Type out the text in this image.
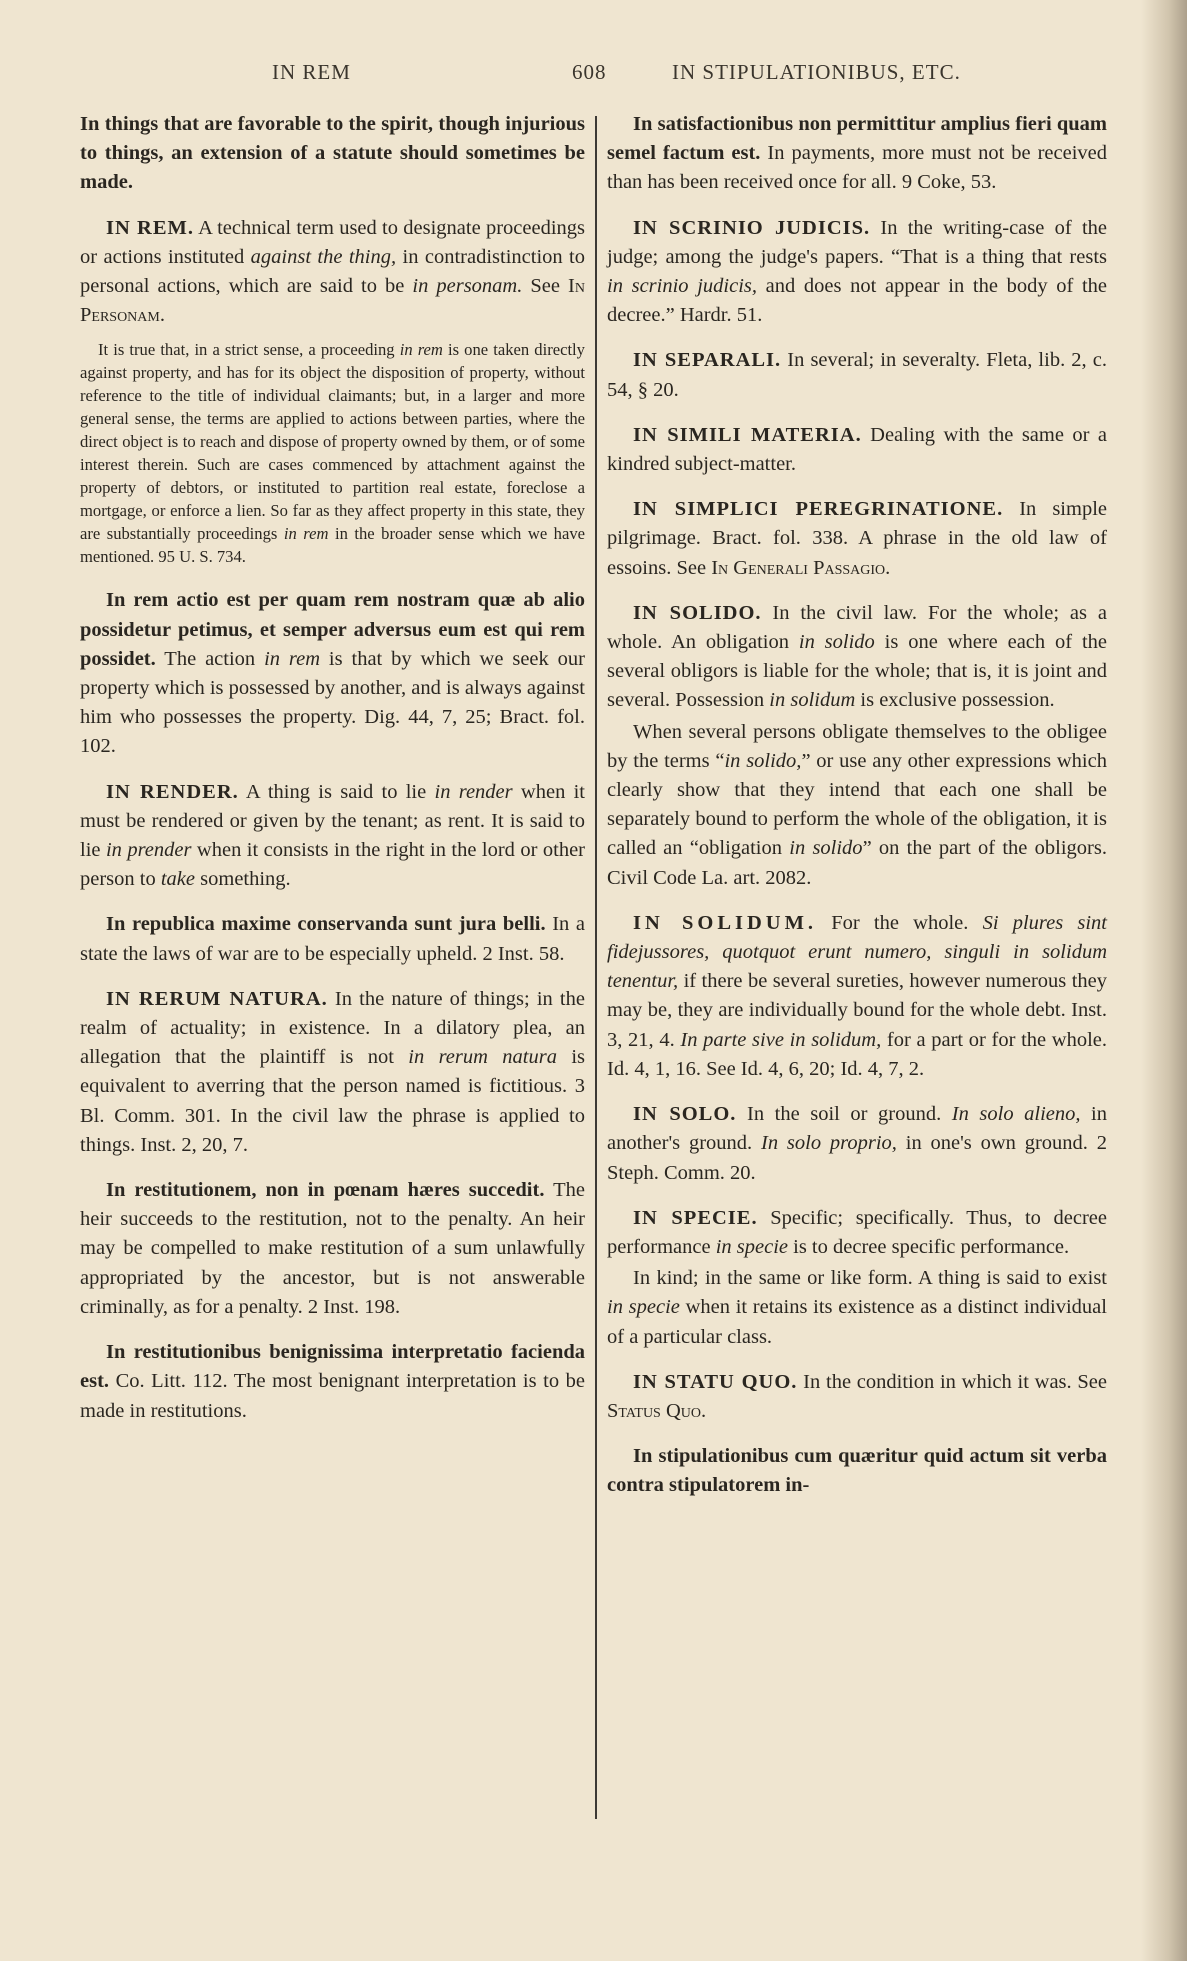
IN REM	608	IN STIPULATIONIBUS, ETC.

In things that are favorable to the spirit, though injurious to things, an extension of a statute should sometimes be made.

IN REM. A technical term used to designate proceedings or actions instituted against the thing, in contradistinction to personal actions, which are said to be in personam. See In Personam.

It is true that, in a strict sense, a proceeding in rem is one taken directly against property, and has for its object the disposition of property, without reference to the title of individual claimants; but, in a larger and more general sense, the terms are applied to actions between parties, where the direct object is to reach and dispose of property owned by them, or of some interest therein. Such are cases commenced by attachment against the property of debtors, or instituted to partition real estate, foreclose a mortgage, or enforce a lien. So far as they affect property in this state, they are substantially proceedings in rem in the broader sense which we have mentioned. 95 U. S. 734.

In rem actio est per quam rem nostram quæ ab alio possidetur petimus, et semper adversus eum est qui rem possidet. The action in rem is that by which we seek our property which is possessed by another, and is always against him who possesses the property. Dig. 44, 7, 25; Bract. fol. 102.

IN RENDER. A thing is said to lie in render when it must be rendered or given by the tenant; as rent. It is said to lie in prender when it consists in the right in the lord or other person to take something.

In republica maxime conservanda sunt jura belli. In a state the laws of war are to be especially upheld. 2 Inst. 58.

IN RERUM NATURA. In the nature of things; in the realm of actuality; in existence. In a dilatory plea, an allegation that the plaintiff is not in rerum natura is equivalent to averring that the person named is fictitious. 3 Bl. Comm. 301. In the civil law the phrase is applied to things. Inst. 2, 20, 7.

In restitutionem, non in pœnam hæres succedit. The heir succeeds to the restitution, not to the penalty. An heir may be compelled to make restitution of a sum unlawfully appropriated by the ancestor, but is not answerable criminally, as for a penalty. 2 Inst. 198.

In restitutionibus benignissima interpretatio facienda est. Co. Litt. 112. The most benignant interpretation is to be made in restitutions.

In satisfactionibus non permittitur amplius fieri quam semel factum est. In payments, more must not be received than has been received once for all. 9 Coke, 53.

IN SCRINIO JUDICIS. In the writing-case of the judge; among the judge's papers. “That is a thing that rests in scrinio judicis, and does not appear in the body of the decree.” Hardr. 51.

IN SEPARALI. In several; in severalty. Fleta, lib. 2, c. 54, § 20.

IN SIMILI MATERIA. Dealing with the same or a kindred subject-matter.

IN SIMPLICI PEREGRINATIONE. In simple pilgrimage. Bract. fol. 338. A phrase in the old law of essoins. See In Generali Passagio.

IN SOLIDO. In the civil law. For the whole; as a whole. An obligation in solido is one where each of the several obligors is liable for the whole; that is, it is joint and several. Possession in solidum is exclusive possession.

When several persons obligate themselves to the obligee by the terms “in solido,” or use any other expressions which clearly show that they intend that each one shall be separately bound to perform the whole of the obligation, it is called an “obligation in solido” on the part of the obligors. Civil Code La. art. 2082.

IN SOLIDUM. For the whole. Si plures sint fidejussores, quotquot erunt numero, singuli in solidum tenentur, if there be several sureties, however numerous they may be, they are individually bound for the whole debt. Inst. 3, 21, 4. In parte sive in solidum, for a part or for the whole. Id. 4, 1, 16. See Id. 4, 6, 20; Id. 4, 7, 2.

IN SOLO. In the soil or ground. In solo alieno, in another's ground. In solo proprio, in one's own ground. 2 Steph. Comm. 20.

IN SPECIE. Specific; specifically. Thus, to decree performance in specie is to decree specific performance.

In kind; in the same or like form. A thing is said to exist in specie when it retains its existence as a distinct individual of a particular class.

IN STATU QUO. In the condition in which it was. See Status Quo.

In stipulationibus cum quæritur quid actum sit verba contra stipulatorem in-
